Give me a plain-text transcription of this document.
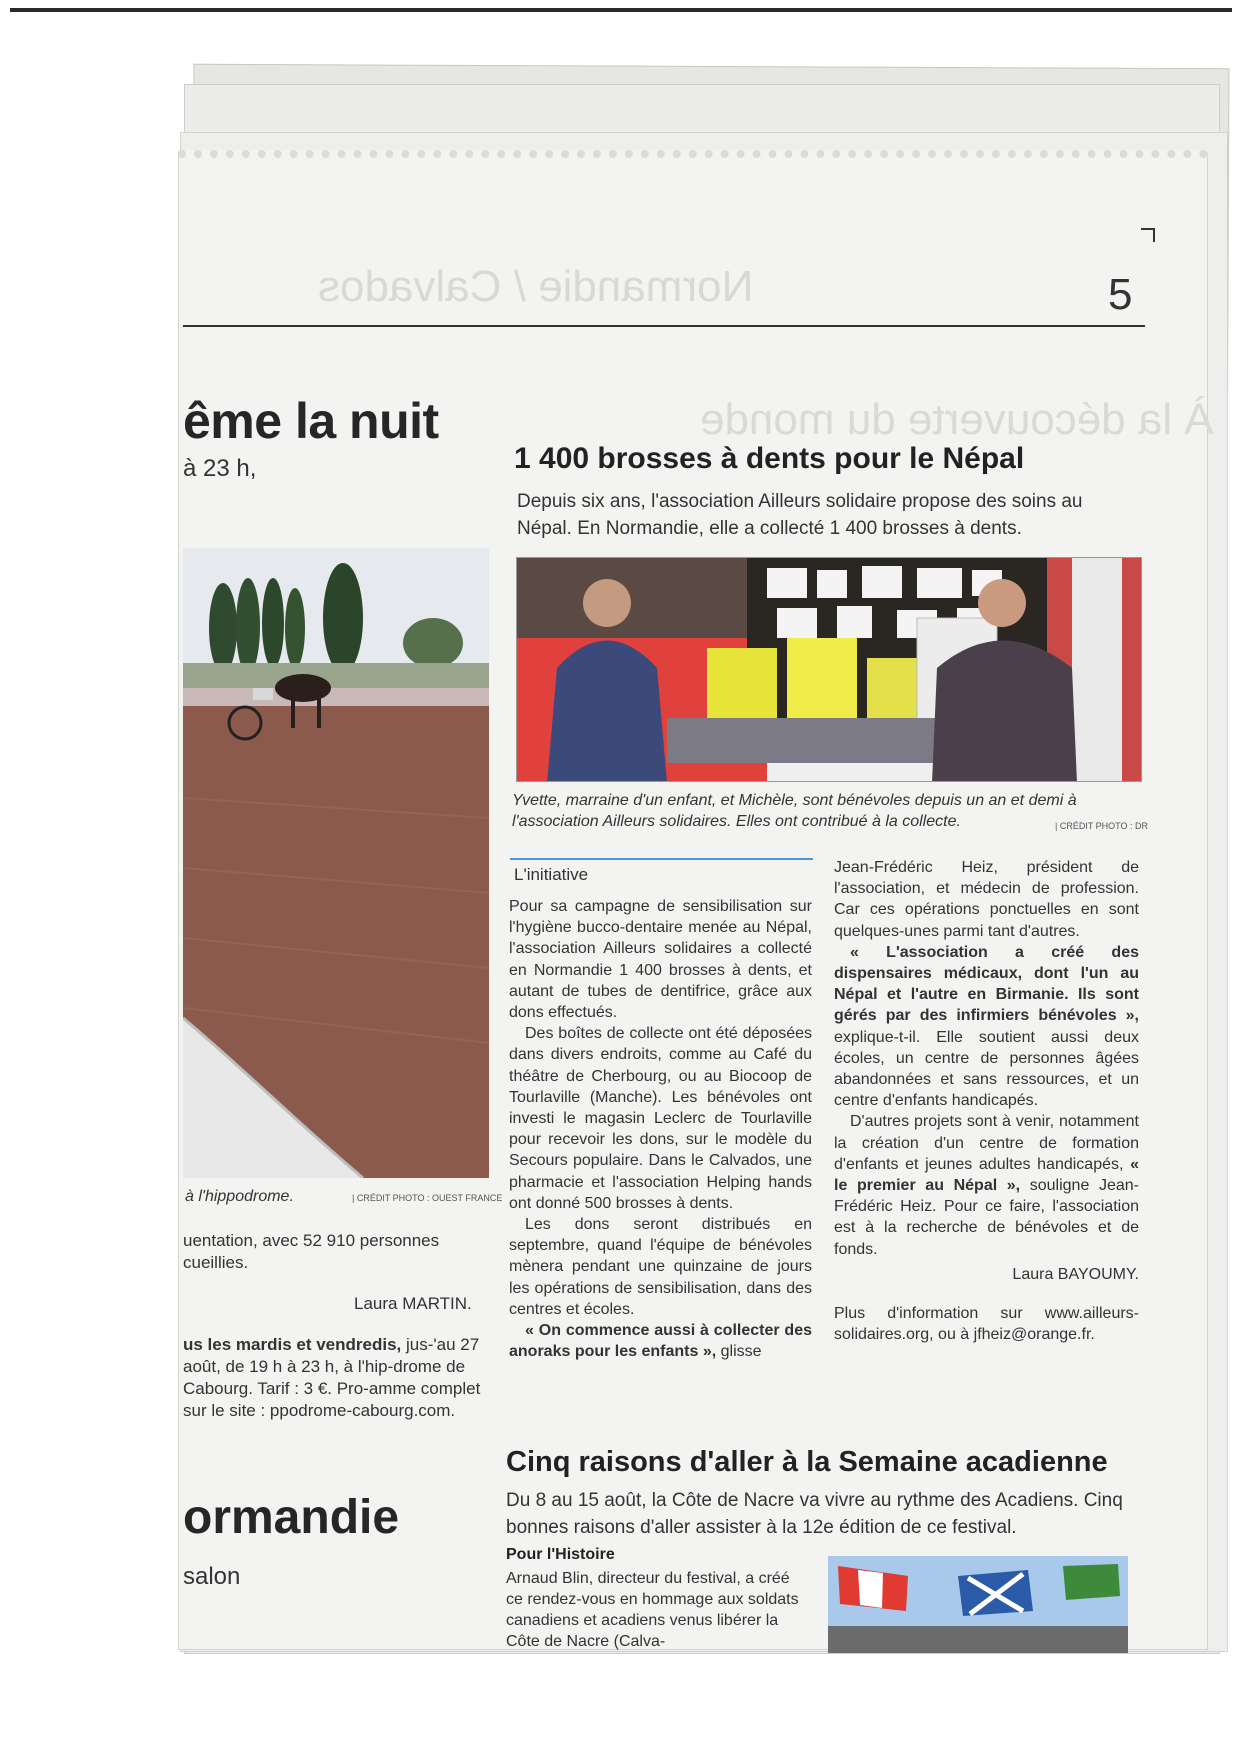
Normandie / Calvados	5
À la découverte du monde
ême la nuit
à 23 h,
à l'hippodrome.	| CRÉDIT PHOTO : OUEST FRANCE
uentation, avec 52 910 personnes
cueillies.
Laura MARTIN.
us les mardis et vendredis, jus-'au 27 août, de 19 h à 23 h, à l'hip-drome de Cabourg. Tarif : 3 €. Pro-amme complet sur le site : ppodrome-cabourg.com.
ormandie
salon
1 400 brosses à dents pour le Népal
Depuis six ans, l'association Ailleurs solidaire propose des soins au Népal. En Normandie, elle a collecté 1 400 brosses à dents.
Yvette, marraine d'un enfant, et Michèle, sont bénévoles depuis un an et demi à l'association Ailleurs solidaires. Elles ont contribué à la collecte.	| CRÉDIT PHOTO : DR
L'initiative

Pour sa campagne de sensibilisation sur l'hygiène bucco-dentaire menée au Népal, l'association Ailleurs solidaires a collecté en Normandie 1 400 brosses à dents, et autant de tubes de dentifrice, grâce aux dons effectués.

Des boîtes de collecte ont été déposées dans divers endroits, comme au Café du théâtre de Cherbourg, ou au Biocoop de Tourlaville (Manche). Les bénévoles ont investi le magasin Leclerc de Tourlaville pour recevoir les dons, sur le modèle du Secours populaire. Dans le Calvados, une pharmacie et l'association Helping hands ont donné 500 brosses à dents.

Les dons seront distribués en septembre, quand l'équipe de bénévoles mènera pendant une quinzaine de jours les opérations de sensibilisation, dans des centres et écoles.

« On commence aussi à collecter des anoraks pour les enfants », glisse

Jean-Frédéric Heiz, président de l'association, et médecin de profession. Car ces opérations ponctuelles en sont quelques-unes parmi tant d'autres.

« L'association a créé des dispensaires médicaux, dont l'un au Népal et l'autre en Birmanie. Ils sont gérés par des infirmiers bénévoles », explique-t-il. Elle soutient aussi deux écoles, un centre de personnes âgées abandonnées et sans ressources, et un centre d'enfants handicapés.

D'autres projets sont à venir, notamment la création d'un centre de formation d'enfants et jeunes adultes handicapés, « le premier au Népal », souligne Jean-Frédéric Heiz. Pour ce faire, l'association est à la recherche de bénévoles et de fonds.

Laura BAYOUMY.

Plus d'information sur www.ailleurs-solidaires.org, ou à jfheiz@orange.fr.

Cinq raisons d'aller à la Semaine acadienne
Du 8 au 15 août, la Côte de Nacre va vivre au rythme des Acadiens. Cinq bonnes raisons d'aller assister à la 12e édition de ce festival.
Pour l'Histoire
Arnaud Blin, directeur du festival, a créé ce rendez-vous en hommage aux soldats canadiens et acadiens venus libérer la Côte de Nacre (Calva-
